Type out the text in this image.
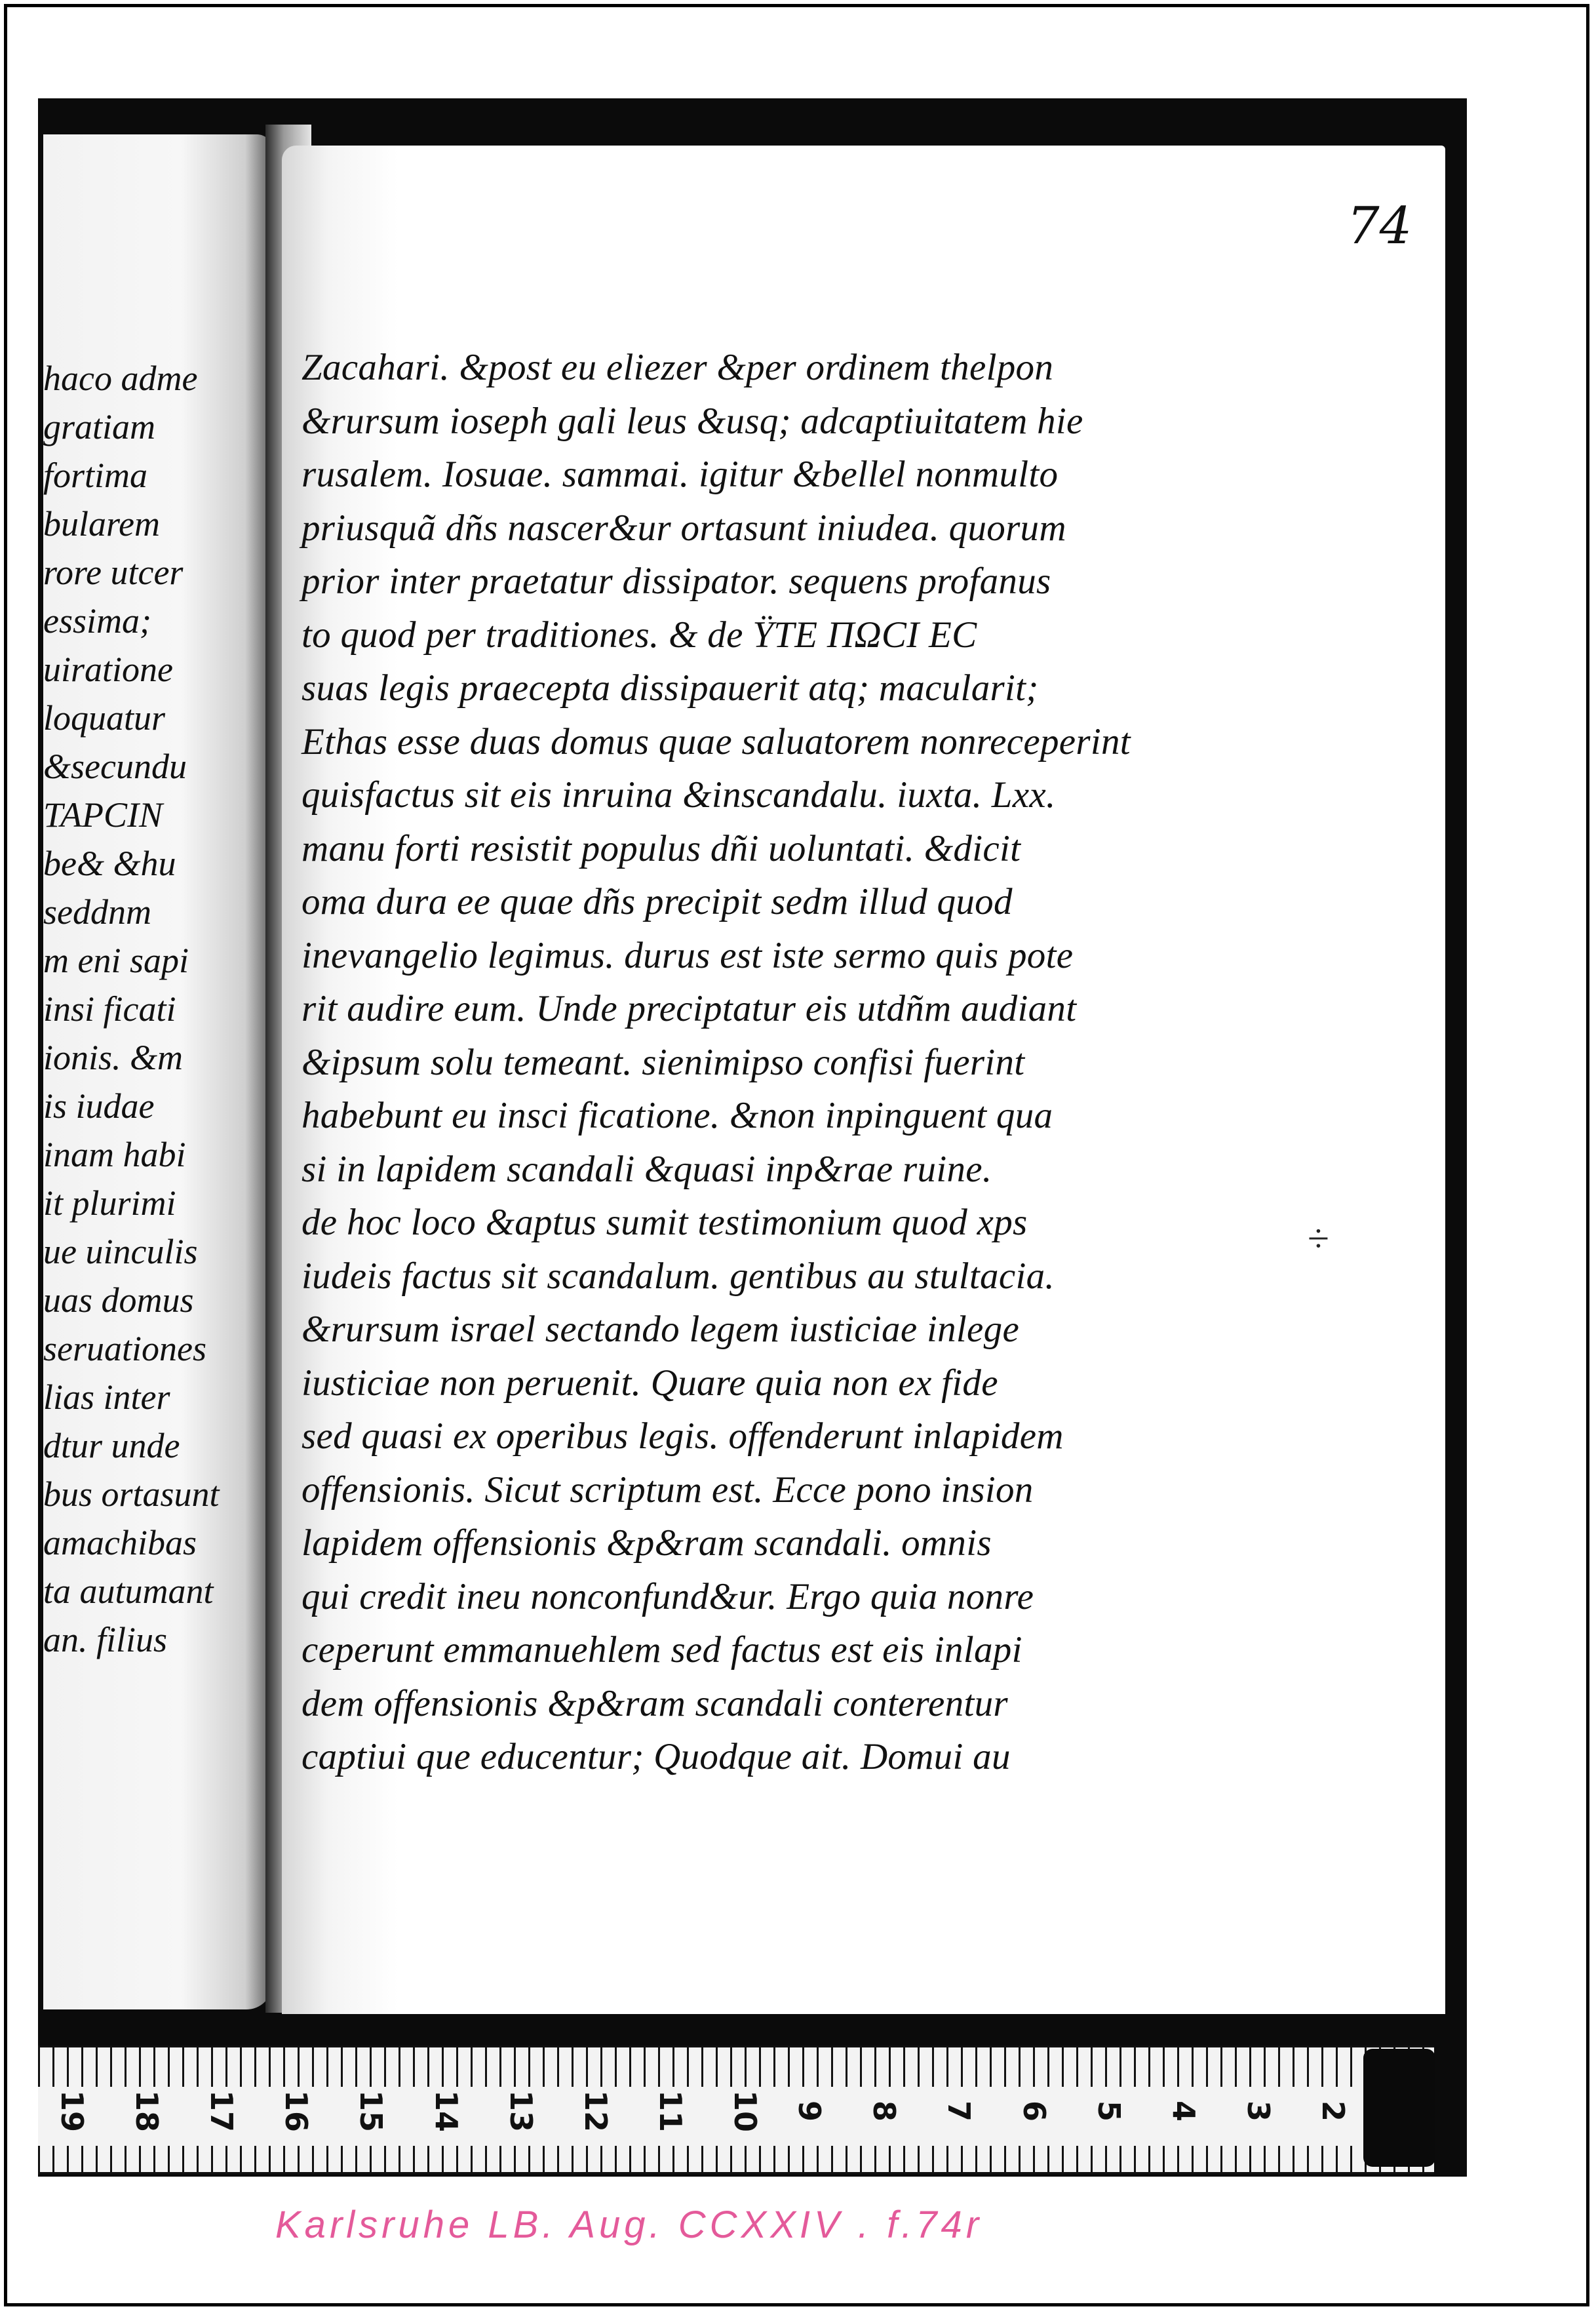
haco adme
gratiam
fortima
bularem
rore utcer
essima;
uiratione
loquatur
&secundu
TAPCIN
be& &hu
seddnm
m eni sapi
insi ficati
ionis. &m
is iudae
inam habi
it plurimi
ue uinculis
uas domus
seruationes
lias inter
dtur unde
bus ortasunt
amachibas
ta autumant
an. filius
74
Zacahari. &post eu eliezer &per ordinem thelpon
&rursum ioseph gali leus &usq; adcaptiuitatem hie
rusalem. Iosuae. sammai. igitur &bellel nonmulto
priusquã dñs nascer&ur ortasunt iniudea. quorum
prior inter praetatur dissipator. sequens profanus
to quod per traditiones. & de ŸTE ΠΩCI EC
suas legis praecepta dissipauerit atq; macularit;
Ethas esse duas domus quae saluatorem nonreceperint
quisfactus sit eis inruina &inscandalu. iuxta. Lxx.
manu forti resistit populus dñi uoluntati. &dicit
oma dura ee quae dñs precipit sedm illud quod
inevangelio legimus. durus est iste sermo quis pote
rit audire eum. Unde preciptatur eis utdñm audiant
&ipsum solu temeant. sienimipso confisi fuerint
habebunt eu insci ficatione. &non inpinguent qua
si in lapidem scandali &quasi inp&rae ruine.
de hoc loco &aptus sumit testimonium quod xps
iudeis factus sit scandalum. gentibus au stultacia.
&rursum israel sectando legem iusticiae inlege
iusticiae non peruenit. Quare quia non ex fide
sed quasi ex operibus legis. offenderunt inlapidem
offensionis. Sicut scriptum est. Ecce pono insion
lapidem offensionis &p&ram scandali. omnis
qui credit ineu nonconfund&ur. Ergo quia nonre
ceperunt emmanuehlem sed factus est eis inlapi
dem offensionis &p&ram scandali conterentur
captiui que educentur; Quodque ait. Domui au
÷
19 18 17 16 15 14 13 12 11 10 9 8 7 6 5 4 3 2
Karlsruhe LB. Aug. CCXXIV . f.74r
